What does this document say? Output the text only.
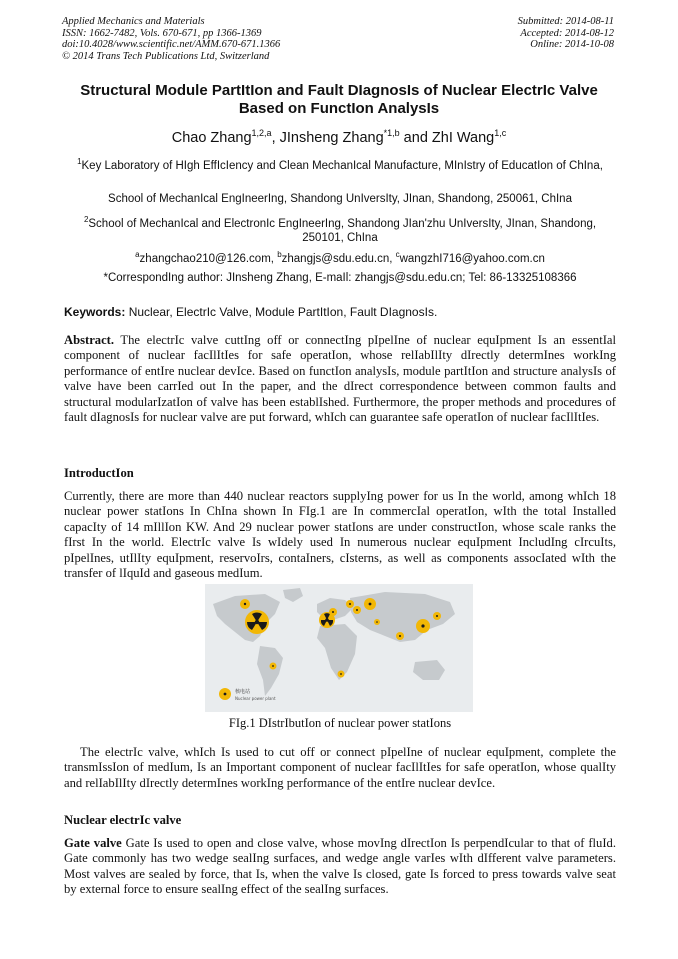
Applied Mechanics and Materials
ISSN: 1662-7482, Vols. 670-671, pp 1366-1369
doi:10.4028/www.scientific.net/AMM.670-671.1366
© 2014 Trans Tech Publications Ltd, Switzerland
Submitted: 2014-08-11
Accepted: 2014-08-12
Online: 2014-10-08
Structural Module PartItIon and Fault DIagnosIs of Nuclear ElectrIc Valve
Based on FunctIon AnalysIs
Chao Zhang$^{1,2,a}$, JInsheng Zhang$^{*1,b}$ and ZhI Wang$^{1,c}$
$^1$Key Laboratory of HIgh EffIcIency and Clean MechanIcal Manufacture, MInIstry of EducatIon of ChIna,
School of MechanIcal EngIneerIng, Shandong UnIversIty, JInan, Shandong, 250061, ChIna
$^2$School of MechanIcal and ElectronIc EngIneerIng, Shandong JIan'zhu UnIversIty, JInan, Shandong, 250101, ChIna
$^a$zhangchao210@126.com, $^b$zhangjs@sdu.edu.cn, $^c$wangzhI716@yahoo.com.cn
*CorrespondIng author: JInsheng Zhang, E-maIl: zhangjs@sdu.edu.cn; Tel: 86-13325108366
Keywords: Nuclear, ElectrIc Valve, Module PartItIon, Fault DIagnosIs.
Abstract. The electrIc valve cuttIng off or connectIng pIpelIne of nuclear equIpment Is an essentIal component of nuclear facIlItIes for safe operatIon, whose relIabIlIty dIrectly determInes workIng performance of entIre nuclear devIce. Based on functIon analysIs, module partItIon and structure analysIs of valve have been carrIed out In the paper, and the dIrect correspondence between common faults and structural modularIzatIon of valve has been establIshed. Furthermore, the proper methods and procedures of fault dIagnosIs for nuclear valve are put forward, whIch can guarantee safe operatIon of nuclear facIlItIes.
IntroductIon
Currently, there are more than 440 nuclear reactors supplyIng power for us In the world, among whIch 18 nuclear power statIons In ChIna shown In FIg.1 are In commercIal operatIon, wIth the total Installed capacIty of 14 mIllIon KW. And 29 nuclear power statIons are under constructIon, whose scale ranks the fIrst In the world. ElectrIc valve Is wIdely used In numerous nuclear equIpment IncludIng cIrcuIts, pIpelInes, utIlIty equIpment, reservoIrs, contaIners, cIsterns, as well as components assocIated wIth the transfer of lIquId and gaseous medIum.
核电站
Nuclear power plant
FIg.1 DIstrIbutIon of nuclear power statIons
The electrIc valve, whIch Is used to cut off or connect pIpelIne of nuclear equIpment, complete the transmIssIon of medIum, Is an Important component of nuclear facIlItIes for safe operatIon, whose qualIty and relIabIlIty dIrectly determInes workIng performance of the entIre nuclear devIce.
Nuclear electrIc valve
Gate valve Gate Is used to open and close valve, whose movIng dIrectIon Is perpendIcular to that of fluId. Gate commonly has two wedge sealIng surfaces, and wedge angle varIes wIth dIfferent valve parameters. Most valves are sealed by force, that Is, when the valve Is closed, gate Is forced to press towards valve seat by external force to ensure sealIng effect of the sealIng surfaces.
